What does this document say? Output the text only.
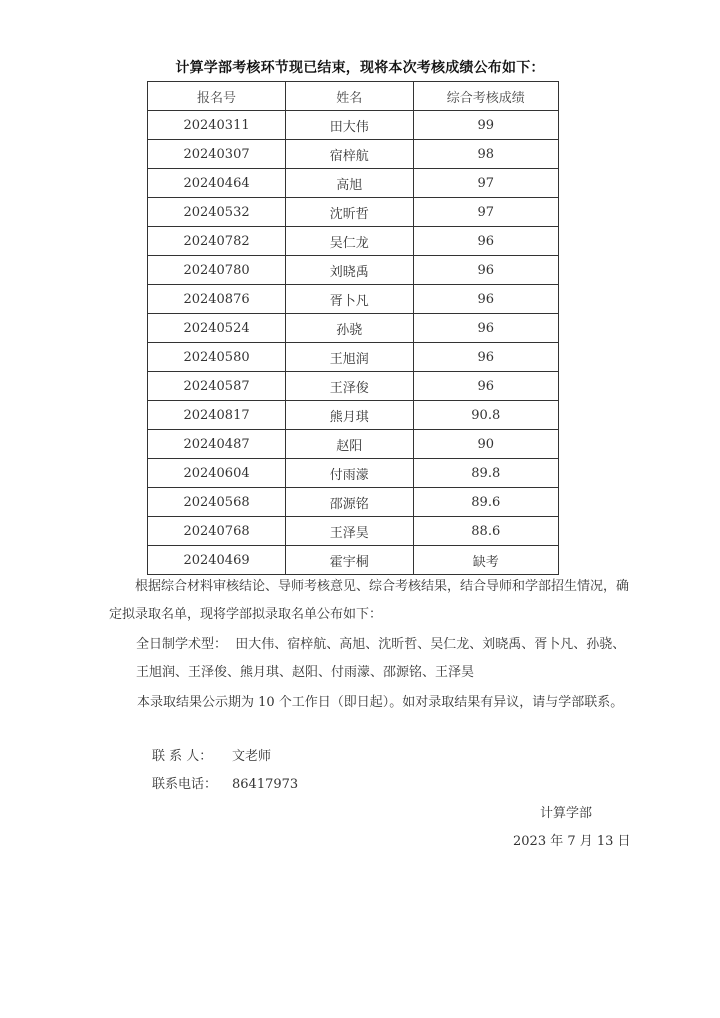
计算学部考核环节现已结束，现将本次考核成绩公布如下：
报名号	姓名	综合考核成绩
20240311	田大伟	99
20240307	宿梓航	98
20240464	高旭	97
20240532	沈昕哲	97
20240782	吴仁龙	96
20240780	刘晓禹	96
20240876	胥卜凡	96
20240524	孙骁	96
20240580	王旭润	96
20240587	王泽俊	96
20240817	熊月琪	90.8
20240487	赵阳	90
20240604	付雨濛	89.8
20240568	邵源铭	89.6
20240768	王泽昊	88.6
20240469	霍宇桐	缺考
根据综合材料审核结论、导师考核意见、综合考核结果，结合导师和学部招生情况，确定拟录取名单，现将学部拟录取名单公布如下：
全日制学术型： 田大伟、宿梓航、高旭、沈昕哲、吴仁龙、刘晓禹、胥卜凡、孙骁、王旭润、王泽俊、熊月琪、赵阳、付雨濛、邵源铭、王泽昊
本录取结果公示期为 10 个工作日（即日起）。如对录取结果有异议，请与学部联系。
联 系 人： 文老师
联系电话： 86417973
计算学部
2023 年 7 月 13 日
